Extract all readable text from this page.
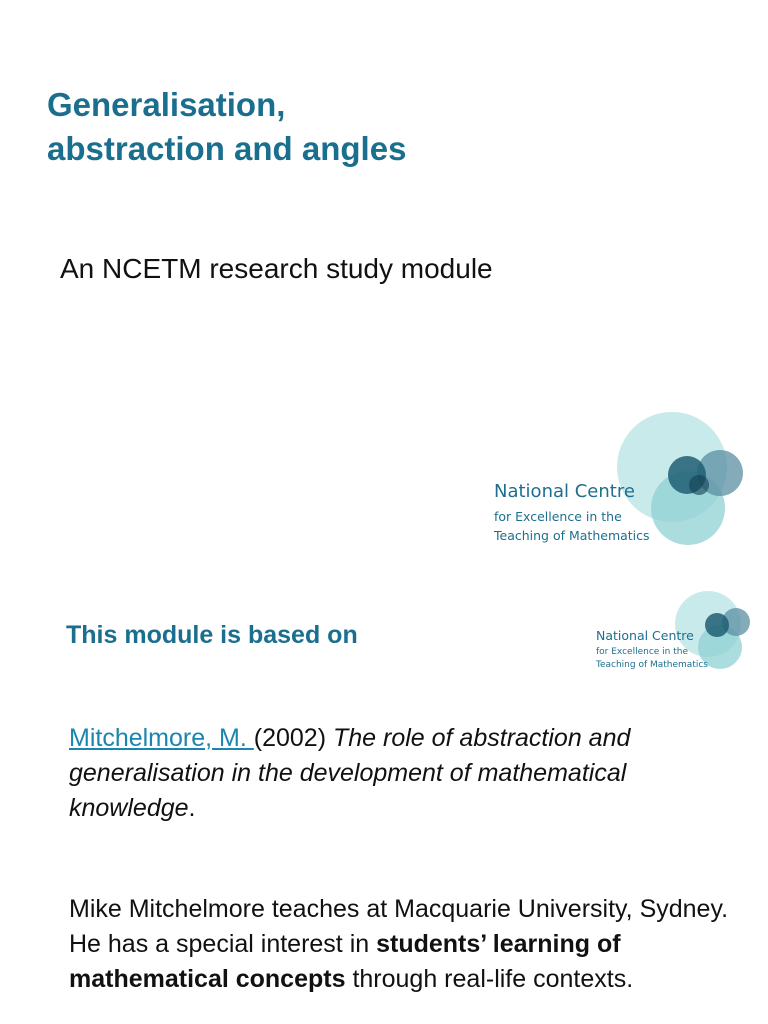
Generalisation,
abstraction and angles

An NCETM research study module

National Centre
for Excellence in the
Teaching of Mathematics
This module is based on	National Centre
for Excellence in the
Teaching of Mathematics

Mitchelmore, M. (2002) The role of abstraction and generalisation in the development of mathematical knowledge.

Mike Mitchelmore teaches at Macquarie University, Sydney. He has a special interest in students’ learning of mathematical concepts through real-life contexts.
